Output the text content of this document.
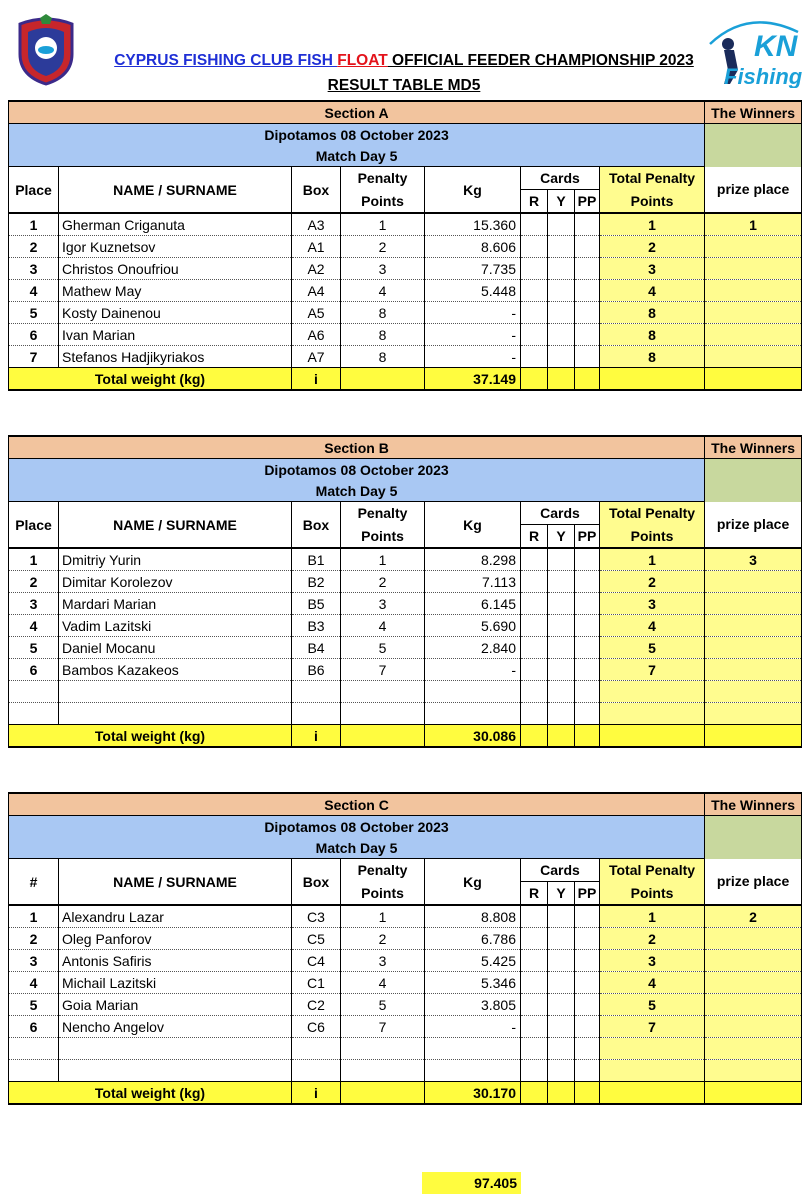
KN
Fishing
CYPRUS FISHING CLUB FISH FLOAT OFFICIAL FEEDER CHAMPIONSHIP 2023
RESULT TABLE MD5
Section A									The Winners
Dipotamos 08 October 2023									
Match Day 5									
Place	NAME / SURNAME	Box	Penalty	Kg	Cards			Total Penalty	prize place
			Points		R	Y	PP	Points	
1	Gherman Criganuta	A3	1	15.360				1	1
2	Igor Kuznetsov	A1	2	8.606				2	
3	Christos Onoufriou	A2	3	7.735				3	
4	Mathew May	A4	4	5.448				4	
5	Kosty Dainenou	A5	8	-				8	
6	Ivan Marian	A6	8	-				8	
7	Stefanos Hadjikyriakos	A7	8	-				8	
Total weight (kg)		i		37.149					
Section B									The Winners
Dipotamos 08 October 2023									
Match Day 5									
Place	NAME / SURNAME	Box	Penalty	Kg	Cards			Total Penalty	prize place
			Points		R	Y	PP	Points	
1	Dmitriy Yurin	B1	1	8.298				1	3
2	Dimitar Korolezov	B2	2	7.113				2	
3	Mardari Marian	B5	3	6.145				3	
4	Vadim Lazitski	B3	4	5.690				4	
5	Daniel Mocanu	B4	5	2.840				5	
6	Bambos Kazakeos	B6	7	-				7	

Total weight (kg)		i		30.086					
Section C									The Winners
Dipotamos 08 October 2023									
Match Day 5									
#	NAME / SURNAME	Box	Penalty	Kg	Cards			Total Penalty	prize place
			Points		R	Y	PP	Points	
1	Alexandru Lazar	C3	1	8.808				1	2
2	Oleg Panforov	C5	2	6.786				2	
3	Antonis Safiris	C4	3	5.425				3	
4	Michail Lazitski	C1	4	5.346				4	
5	Goia Marian	C2	5	3.805				5	
6	Nencho Angelov	C6	7	-				7	

Total weight (kg)		i		30.170					
97.405
